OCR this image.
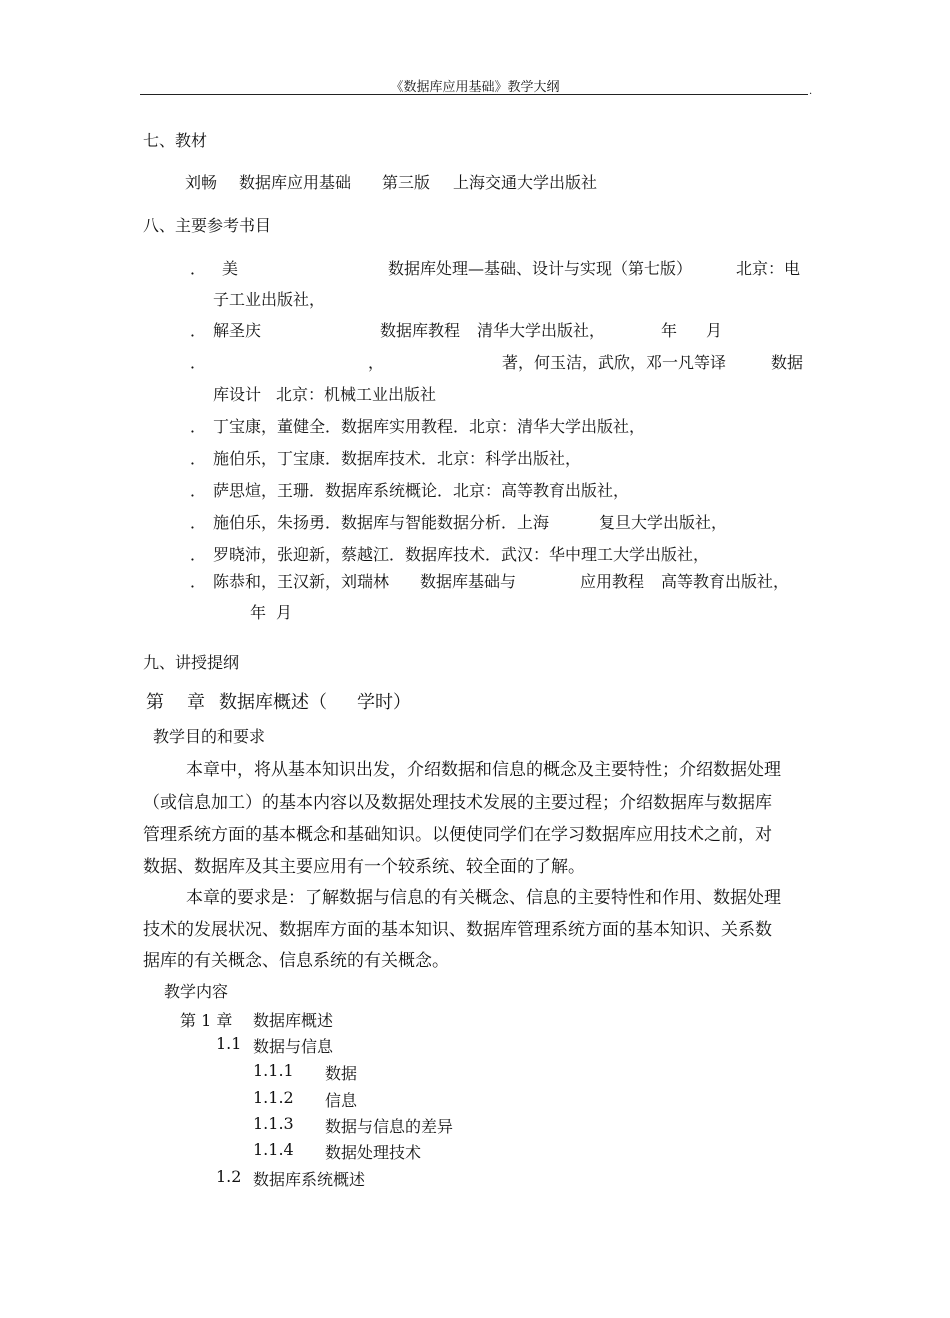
《数据库应用基础》教学大纲	.
七、教材
刘畅 数据库应用基础 第三版 上海交通大学出版社
八、主要参考书目
． 美	数据库处理—基础、设计与实现（第七版）	北京：电
子工业出版社，
． 解圣庆	数据库教程 清华大学出版社，	年 月
．	，	著，何玉洁，武欣，邓一凡等译	数据
库设计 北京：机械工业出版社
． 丁宝康，董健全．数据库实用教程．北京：清华大学出版社，
． 施伯乐，丁宝康．数据库技术．北京：科学出版社，
． 萨思煊，王珊．数据库系统概论．北京：高等教育出版社，
． 施伯乐，朱扬勇．数据库与智能数据分析．上海	复旦大学出版社，
． 罗晓沛，张迎新，蔡越江．数据库技术．武汉：华中理工大学出版社，
． 陈恭和，王汉新，刘瑞林 数据库基础与	应用教程 高等教育出版社，
年 月
九、讲授提纲
第 章 数据库概述（ 学时）
教学目的和要求
本章中，将从基本知识出发，介绍数据和信息的概念及主要特性；介绍数据处理
（或信息加工）的基本内容以及数据处理技术发展的主要过程；介绍数据库与数据库
管理系统方面的基本概念和基础知识。以便使同学们在学习数据库应用技术之前，对
数据、数据库及其主要应用有一个较系统、较全面的了解。
本章的要求是：了解数据与信息的有关概念、信息的主要特性和作用、数据处理
技术的发展状况、数据库方面的基本知识、数据库管理系统方面的基本知识、关系数
据库的有关概念、信息系统的有关概念。
教学内容
第 1 章 数据库概述
1.1 数据与信息
1.1.1 数据
1.1.2 信息
1.1.3 数据与信息的差异
1.1.4 数据处理技术
1.2 数据库系统概述
